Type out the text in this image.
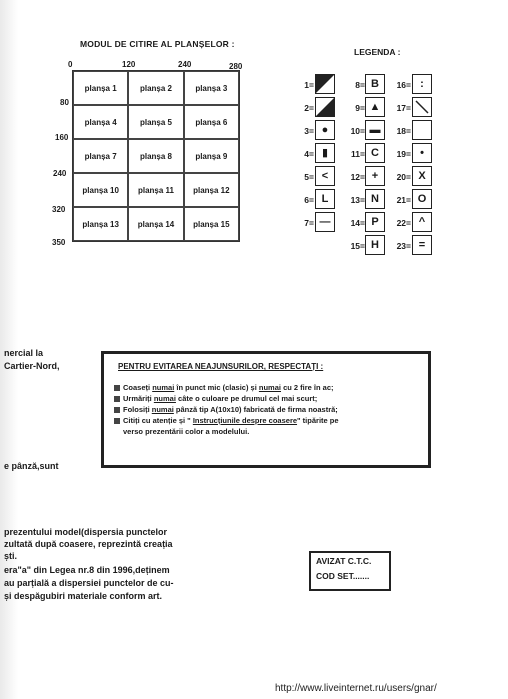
MODUL DE CITIRE AL PLANȘELOR :
0	120	240	280
80
160
240
320
350
planșa 1	planșa 2	planșa 3
planșa 4	planșa 5	planșa 6
planșa 7	planșa 8	planșa 9
planșa 10	planșa 11	planșa 12
planșa 13	planșa 14	planșa 15
LEGENDA :
1=
2=
3= ●
4= ▮
5= <
6= L
7= —
8= B
9= ▲
10= ▬
11= C
12= +
13= N
14= P
15= H
16= :
17=
18=
19= •
20= X
21= O
22= ^
23= =
nercial la
Cartier-Nord,
e pânză,sunt
prezentului model(dispersia punctelor
zultată după coasere, reprezintă creația
ști.
era"a" din Legea nr.8 din 1996,deținem
au parțială a dispersiei punctelor de cu-
și despăgubiri materiale conform art.
PENTRU EVITAREA NEAJUNSURILOR, RESPECTAȚI :
Coaseți numai în punct mic (clasic) și numai cu 2 fire în ac;
Urmăriți numai câte o culoare pe drumul cel mai scurt;
Folosiți numai pânză tip A(10x10) fabricată de firma noastră;
Citiți cu atenție și " Instrucțiunile despre coasere" tipărite pe
verso prezentării color a modelului.
AVIZAT C.T.C.
COD SET.......
http://www.liveinternet.ru/users/gnar/
